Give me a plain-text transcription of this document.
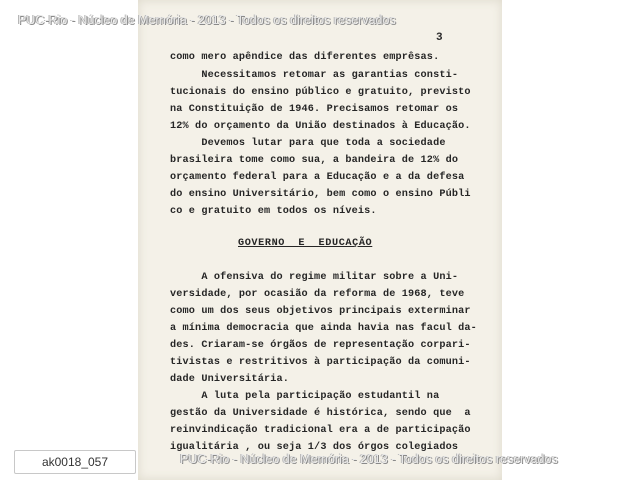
PUC-Rio - Núcleo de Memória - 2013 - Todos os direitos reservados
3
como mero apêndice das diferentes emprêsas.
Necessitamos retomar as garantias consti-
tucionais do ensino público e gratuito, previsto
na Constituição de 1946. Precisamos retomar os
12% do orçamento da União destinados à Educação.
Devemos lutar para que toda a sociedade
brasileira tome como sua, a bandeira de 12% do
orçamento federal para a Educação e a da defesa
do ensino Universitário, bem como o ensino Públi
co e gratuito em todos os níveis.
GOVERNO  E  EDUCAÇÃO
A ofensiva do regime militar sobre a Uni-
versidade, por ocasião da reforma de 1968, teve
como um dos seus objetivos principais exterminar
a mínima democracia que ainda havia nas facul da-
des. Criaram-se órgãos de representação corpari-
tivistas e restritivos à participação da comuni-
dade Universitária.
A luta pela participação estudantil na
gestão da Universidade é histórica, sendo que  a
reinvindicação tradicional era a de participação
igualitária , ou seja 1/3 dos órgos colegiados
PUC-Rio - Núcleo de Memória - 2013 - Todos os direitos reservados
ak0018_057
